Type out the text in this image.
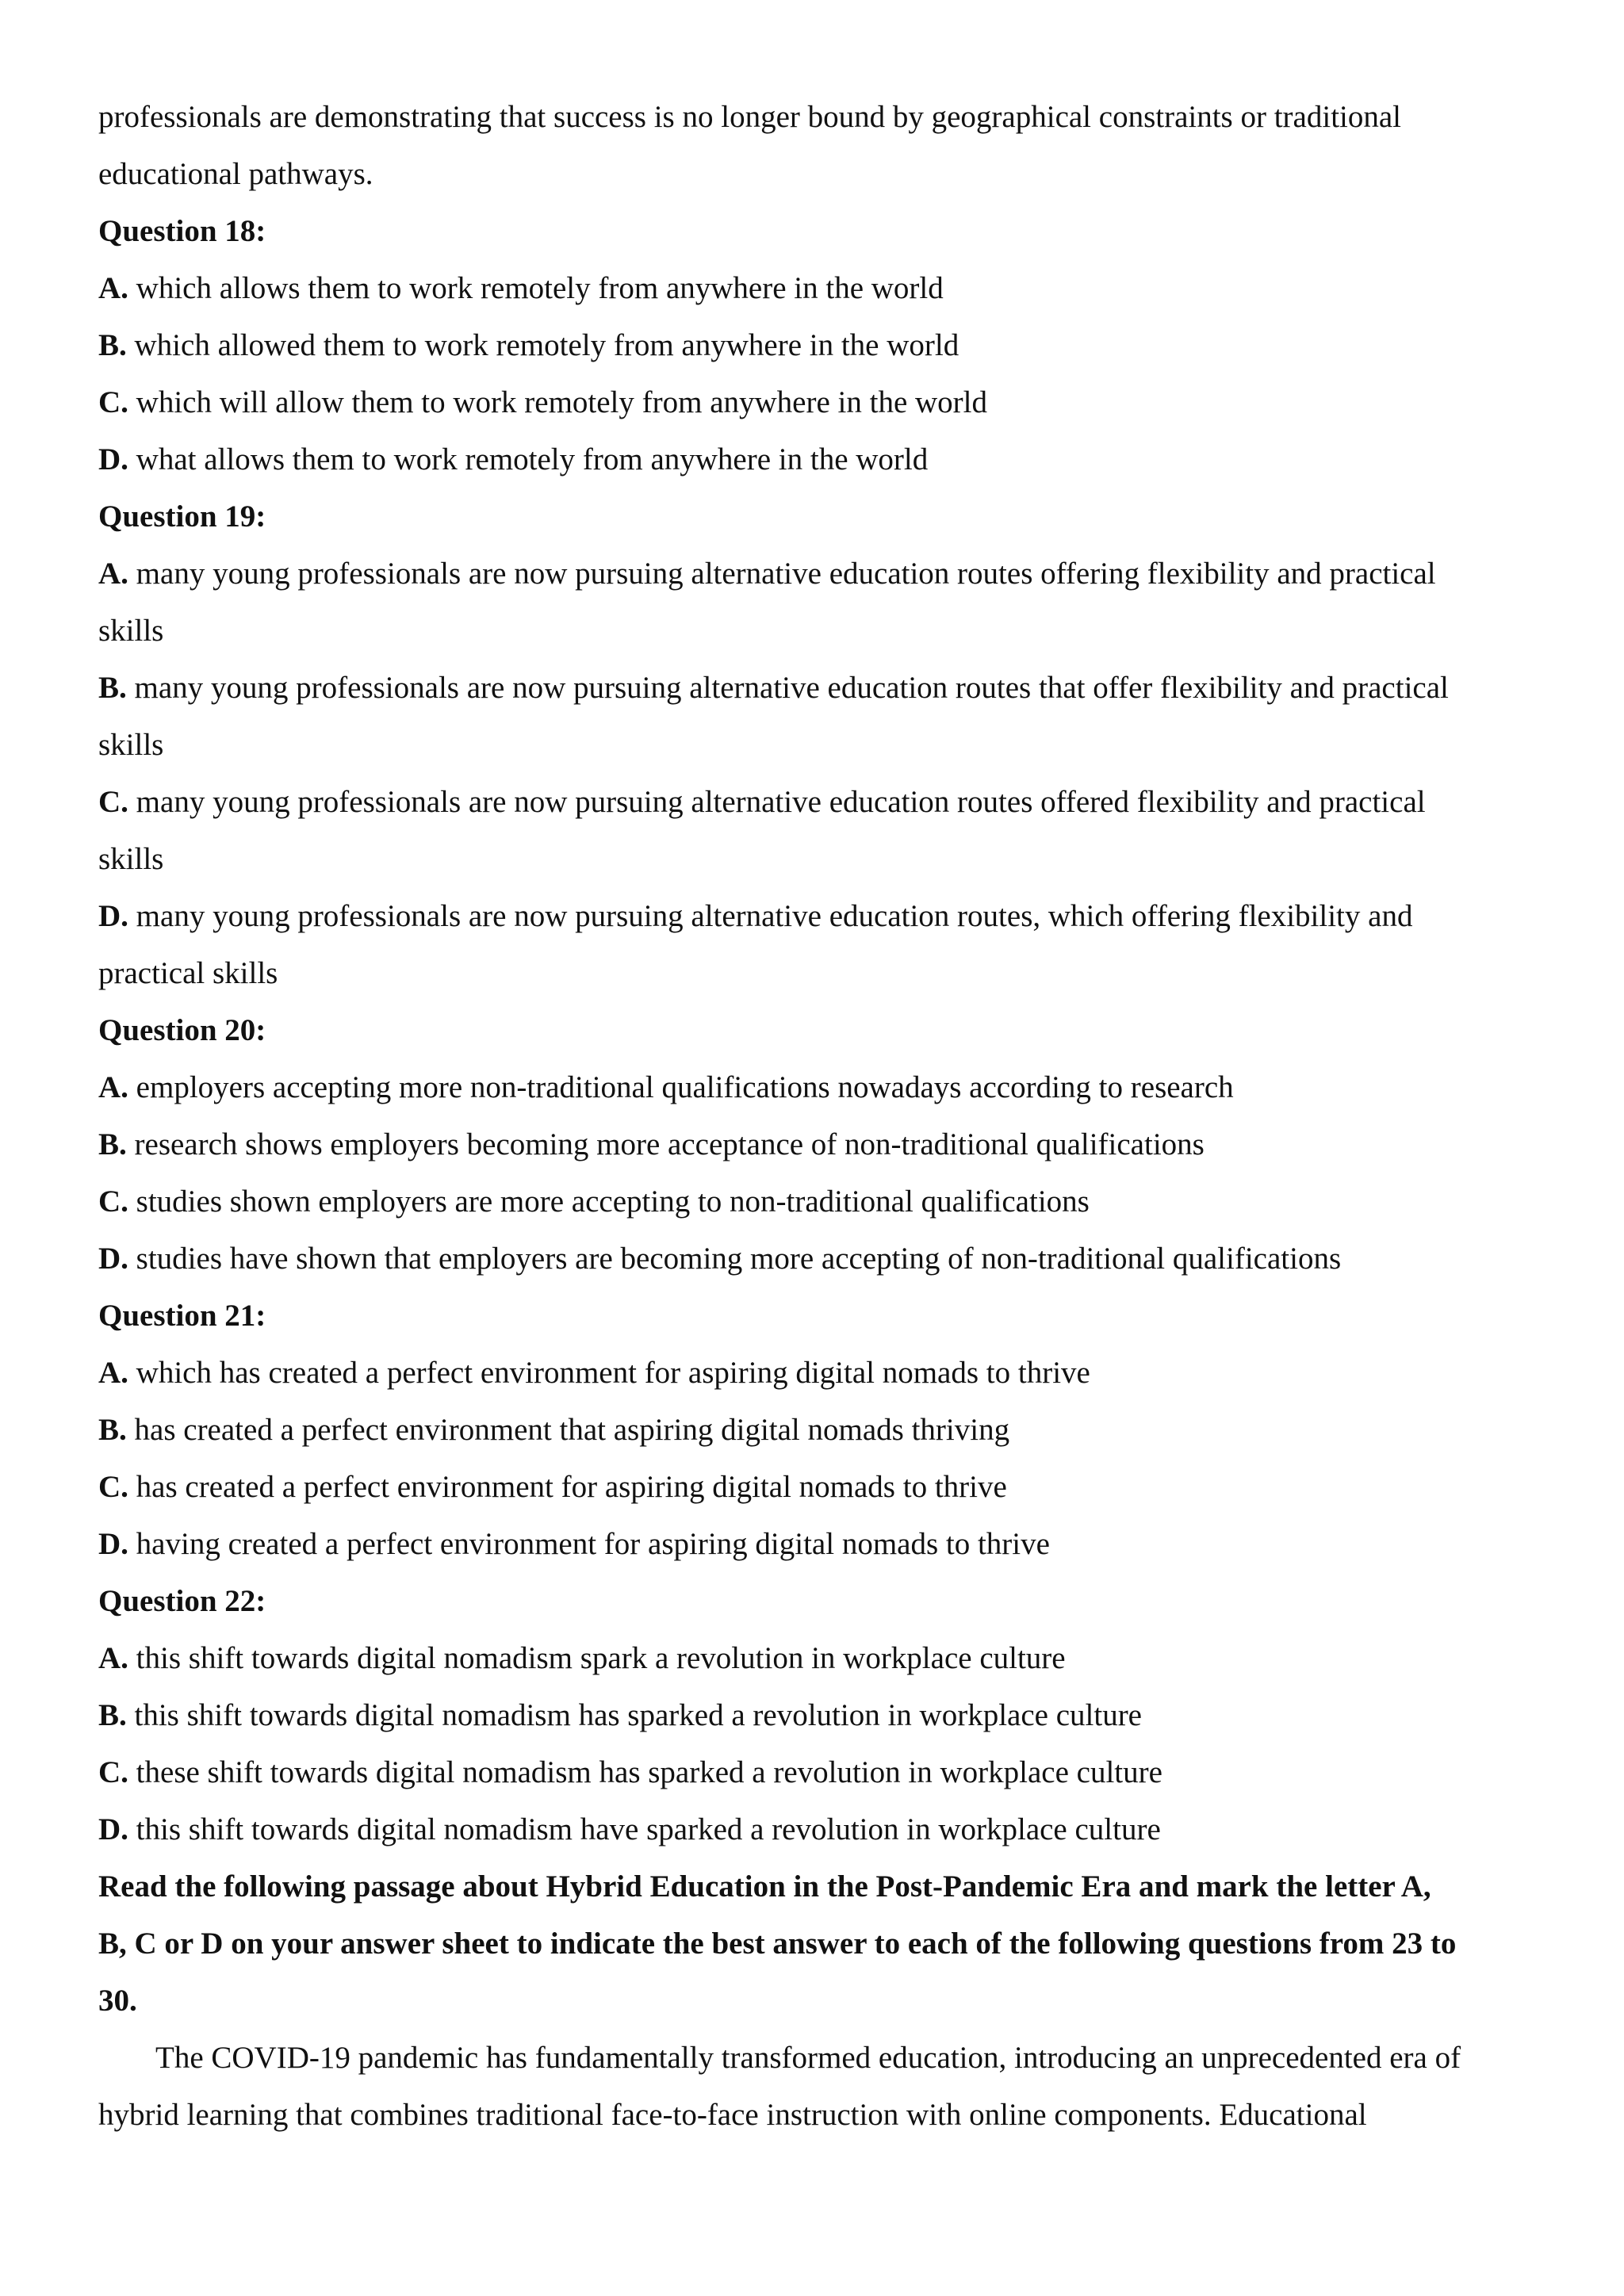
professionals are demonstrating that success is no longer bound by geographical constraints or traditional
educational pathways.
Question 18:
A. which allows them to work remotely from anywhere in the world
B. which allowed them to work remotely from anywhere in the world
C. which will allow them to work remotely from anywhere in the world
D. what allows them to work remotely from anywhere in the world
Question 19:
A. many young professionals are now pursuing alternative education routes offering flexibility and practical
skills
B. many young professionals are now pursuing alternative education routes that offer flexibility and practical
skills
C. many young professionals are now pursuing alternative education routes offered flexibility and practical
skills
D. many young professionals are now pursuing alternative education routes, which offering flexibility and
practical skills
Question 20:
A. employers accepting more non-traditional qualifications nowadays according to research
B. research shows employers becoming more acceptance of non-traditional qualifications
C. studies shown employers are more accepting to non-traditional qualifications
D. studies have shown that employers are becoming more accepting of non-traditional qualifications
Question 21:
A. which has created a perfect environment for aspiring digital nomads to thrive
B. has created a perfect environment that aspiring digital nomads thriving
C. has created a perfect environment for aspiring digital nomads to thrive
D. having created a perfect environment for aspiring digital nomads to thrive
Question 22:
A. this shift towards digital nomadism spark a revolution in workplace culture
B. this shift towards digital nomadism has sparked a revolution in workplace culture
C. these shift towards digital nomadism has sparked a revolution in workplace culture
D. this shift towards digital nomadism have sparked a revolution in workplace culture
Read the following passage about Hybrid Education in the Post-Pandemic Era and mark the letter A,
B, C or D on your answer sheet to indicate the best answer to each of the following questions from 23 to
30.
The COVID-19 pandemic has fundamentally transformed education, introducing an unprecedented era of
hybrid learning that combines traditional face-to-face instruction with online components. Educational
